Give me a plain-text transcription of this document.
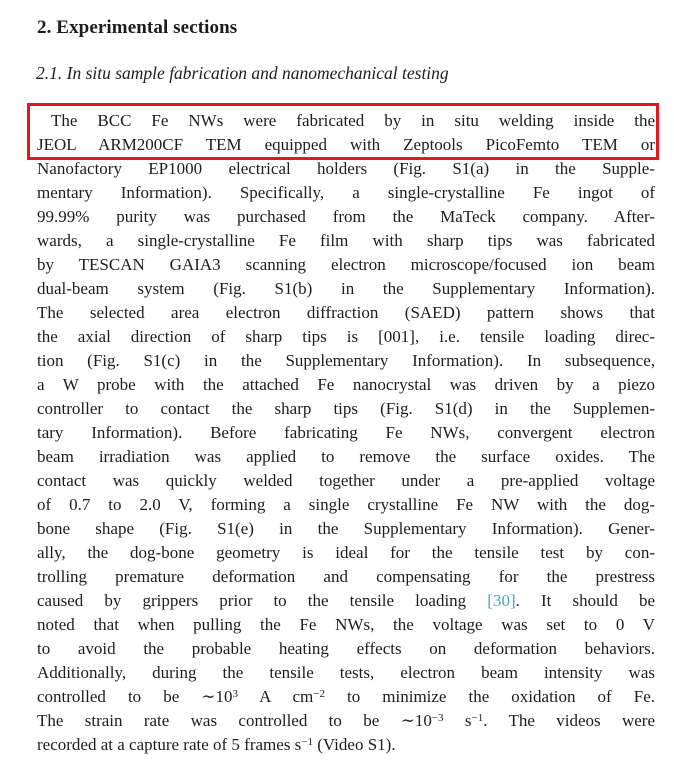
2. Experimental sections
2.1. In situ sample fabrication and nanomechanical testing
The BCC Fe NWs were fabricated by in situ welding inside the
JEOL ARM200CF TEM equipped with Zeptools PicoFemto TEM or
Nanofactory EP1000 electrical holders (Fig. S1(a) in the Supple-
mentary Information). Specifically, a single-crystalline Fe ingot of
99.99% purity was purchased from the MaTeck company. After-
wards, a single-crystalline Fe film with sharp tips was fabricated
by TESCAN GAIA3 scanning electron microscope/focused ion beam
dual-beam system (Fig. S1(b) in the Supplementary Information).
The selected area electron diffraction (SAED) pattern shows that
the axial direction of sharp tips is [001], i.e. tensile loading direc-
tion (Fig. S1(c) in the Supplementary Information). In subsequence,
a W probe with the attached Fe nanocrystal was driven by a piezo
controller to contact the sharp tips (Fig. S1(d) in the Supplemen-
tary Information). Before fabricating Fe NWs, convergent electron
beam irradiation was applied to remove the surface oxides. The
contact was quickly welded together under a pre-applied voltage
of 0.7 to 2.0 V, forming a single crystalline Fe NW with the dog-
bone shape (Fig. S1(e) in the Supplementary Information). Gener-
ally, the dog-bone geometry is ideal for the tensile test by con-
trolling premature deformation and compensating for the prestress
caused by grippers prior to the tensile loading [30]. It should be
noted that when pulling the Fe NWs, the voltage was set to 0 V
to avoid the probable heating effects on deformation behaviors.
Additionally, during the tensile tests, electron beam intensity was
controlled to be $\sim 10^3$ A $cm^{-2}$ to minimize the oxidation of Fe.
The strain rate was controlled to be $\sim 10^{-3}$ $s^{-1}$. The videos were
recorded at a capture rate of 5 frames $s^{-1}$ (Video S1).
